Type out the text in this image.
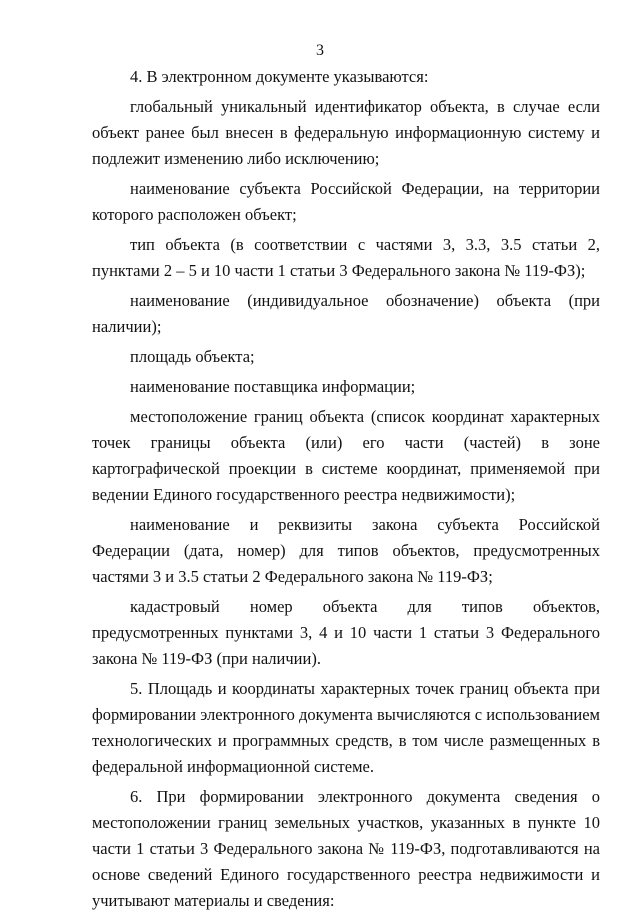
3

4. В электронном документе указываются:

глобальный уникальный идентификатор объекта, в случае если объект ранее был внесен в федеральную информационную систему и подлежит изменению либо исключению;

наименование субъекта Российской Федерации, на территории которого расположен объект;

тип объекта (в соответствии с частями 3, 3.3, 3.5 статьи 2, пунктами 2 – 5 и 10 части 1 статьи 3 Федерального закона № 119-ФЗ);

наименование (индивидуальное обозначение) объекта (при наличии);

площадь объекта;

наименование поставщика информации;

местоположение границ объекта (список координат характерных точек границы объекта (или) его части (частей) в зоне картографической проекции в системе координат, применяемой при ведении Единого государственного реестра недвижимости);

наименование и реквизиты закона субъекта Российской Федерации (дата, номер) для типов объектов, предусмотренных частями 3 и 3.5 статьи 2 Федерального закона № 119-ФЗ;

кадастровый номер объекта для типов объектов, предусмотренных пунктами 3, 4 и 10 части 1 статьи 3 Федерального закона № 119-ФЗ (при наличии).

5. Площадь и координаты характерных точек границ объекта при формировании электронного документа вычисляются с использованием технологических и программных средств, в том числе размещенных в федеральной информационной системе.

6. При формировании электронного документа сведения о местоположении границ земельных участков, указанных в пункте 10 части 1 статьи 3 Федерального закона № 119-ФЗ, подготавливаются на основе сведений Единого государственного реестра недвижимости и учитывают материалы и сведения:
